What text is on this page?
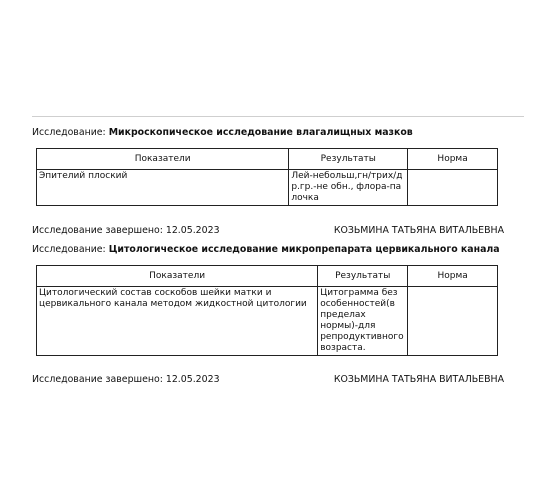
Исследование: Микроскопическое исследование влагалищных мазков
Показатели	Результаты	Норма
Эпителий плоский	Лей-небольш,гн/трих/др.гр.-не обн., флора-палочка	
Исследование завершено: 12.05.2023	КОЗЬМИНА ТАТЬЯНА ВИТАЛЬЕВНА
Исследование: Цитологическое исследование микропрепарата цервикального канала
Показатели	Результаты	Норма
Цитологический состав соскобов шейки матки и цервикального канала методом жидкостной цитологии	Цитограмма без особенностей(в пределах нормы)-для репродуктивного возраста.	
Исследование завершено: 12.05.2023	КОЗЬМИНА ТАТЬЯНА ВИТАЛЬЕВНА
